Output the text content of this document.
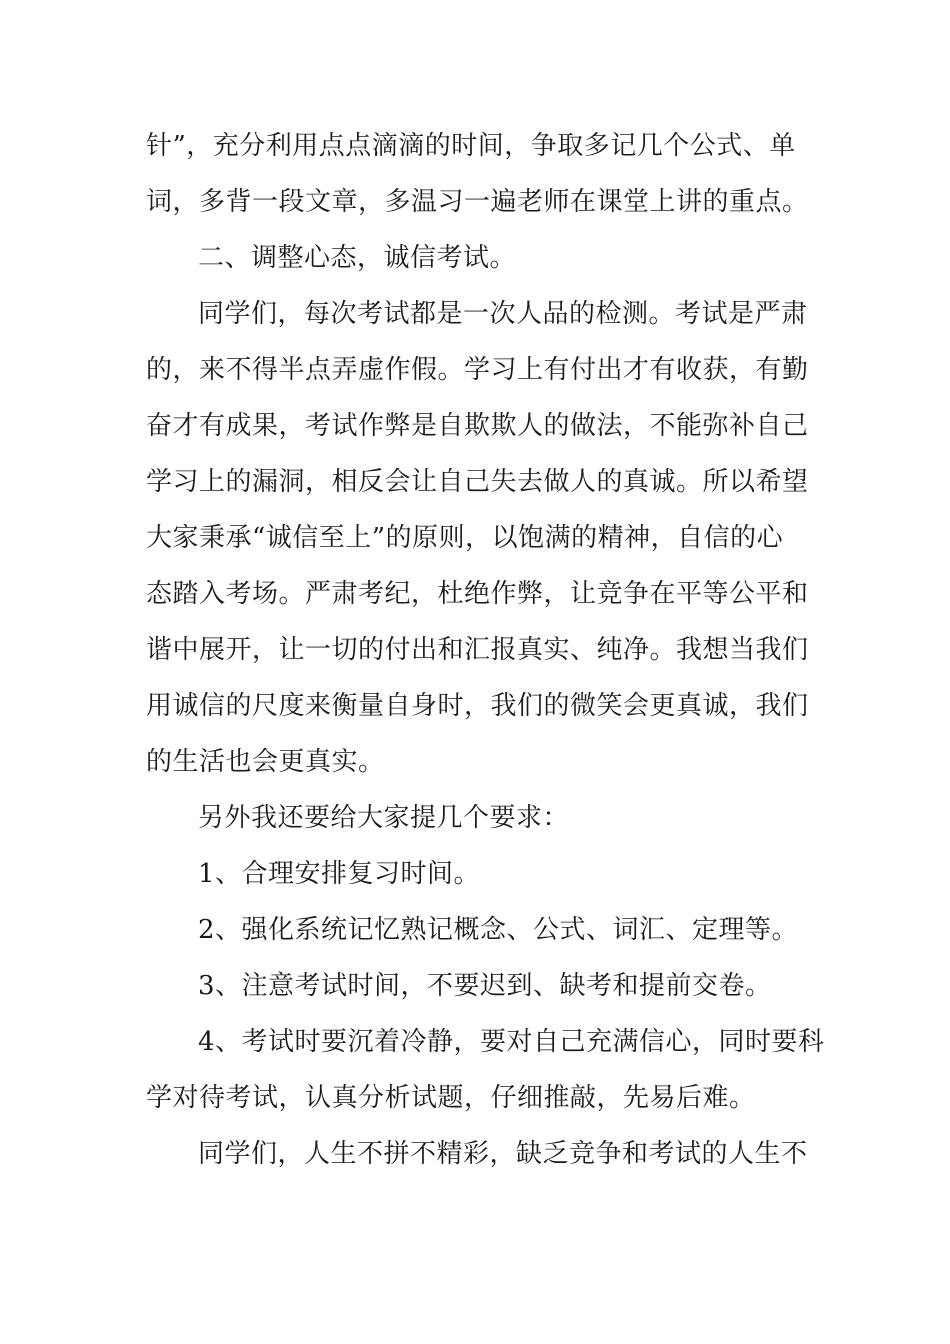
针”，充分利用点点滴滴的时间，争取多记几个公式、单
词，多背一段文章，多温习一遍老师在课堂上讲的重点。
二、调整心态，诚信考试。
同学们，每次考试都是一次人品的检测。考试是严肃
的，来不得半点弄虚作假。学习上有付出才有收获，有勤
奋才有成果，考试作弊是自欺欺人的做法，不能弥补自己
学习上的漏洞，相反会让自己失去做人的真诚。所以希望
大家秉承“诚信至上”的原则，以饱满的精神，自信的心
态踏入考场。严肃考纪，杜绝作弊，让竞争在平等公平和
谐中展开，让一切的付出和汇报真实、纯净。我想当我们
用诚信的尺度来衡量自身时，我们的微笑会更真诚，我们
的生活也会更真实。
另外我还要给大家提几个要求：
1、合理安排复习时间。
2、强化系统记忆熟记概念、公式、词汇、定理等。
3、注意考试时间，不要迟到、缺考和提前交卷。
4、考试时要沉着冷静，要对自己充满信心，同时要科
学对待考试，认真分析试题，仔细推敲，先易后难。
同学们，人生不拼不精彩，缺乏竞争和考试的人生不
